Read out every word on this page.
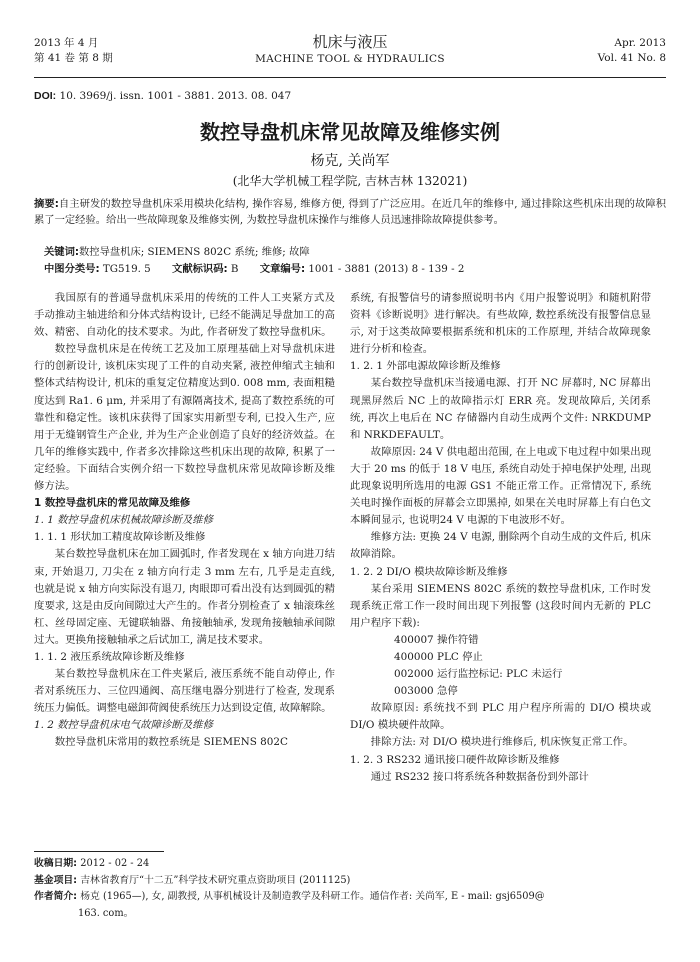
2013 年 4 月
第 41 卷 第 8 期
机床与液压
MACHINE TOOL & HYDRAULICS
Apr. 2013
Vol. 41 No. 8
DOI: 10. 3969/j. issn. 1001 - 3881. 2013. 08. 047
数控导盘机床常见故障及维修实例
杨克, 关尚军
(北华大学机械工程学院, 吉林吉林 132021)
摘要:自主研发的数控导盘机床采用模块化结构, 操作容易, 维修方便, 得到了广泛应用。在近几年的维修中, 通过排除这些机床出现的故障积累了一定经验。给出一些故障现象及维修实例, 为数控导盘机床操作与维修人员迅速排除故障提供参考。
关键词:数控导盘机床; SIEMENS 802C 系统; 维修; 故障
中图分类号: TG519. 5 文献标识码: B 文章编号: 1001 - 3881 (2013) 8 - 139 - 2

我国原有的普通导盘机床采用的传统的工件人工夹紧方式及手动推动主轴进给和分体式结构设计, 已经不能满足导盘加工的高效、精密、自动化的技术要求。为此, 作者研发了数控导盘机床。

数控导盘机床是在传统工艺及加工原理基础上对导盘机床进行的创新设计, 该机床实现了工件的自动夹紧, 液控伸缩式主轴和整体式结构设计, 机床的重复定位精度达到0. 008 mm, 表面粗糙度达到 Ra1. 6 μm, 并采用了有源隔离技术, 提高了数控系统的可靠性和稳定性。该机床获得了国家实用新型专利, 已投入生产, 应用于无缝钢管生产企业, 并为生产企业创造了良好的经济效益。在几年的维修实践中, 作者多次排除这些机床出现的故障, 积累了一定经验。下面结合实例介绍一下数控导盘机床常见故障诊断及维修方法。

1 数控导盘机床的常见故障及维修

1. 1 数控导盘机床机械故障诊断及维修

1. 1. 1 形状加工精度故障诊断及维修

某台数控导盘机床在加工圆弧时, 作者发现在 x 轴方向进刀结束, 开始退刀, 刀尖在 z 轴方向行走 3 mm 左右, 几乎是走直线, 也就是说 x 轴方向实际没有退刀, 肉眼即可看出没有达到圆弧的精度要求, 这是由反向间隙过大产生的。作者分别检查了 x 轴滚珠丝杠、丝母固定座、无键联轴器、角接触轴承, 发现角接触轴承间隙过大。更换角接触轴承之后试加工, 满足技术要求。

1. 1. 2 液压系统故障诊断及维修

某台数控导盘机床在工件夹紧后, 液压系统不能自动停止, 作者对系统压力、三位四通阀、高压继电器分别进行了检查, 发现系统压力偏低。调整电磁卸荷阀使系统压力达到设定值, 故障解除。

1. 2 数控导盘机床电气故障诊断及维修

数控导盘机床常用的数控系统是 SIEMENS 802C

系统, 有报警信号的请参照说明书内《用户报警说明》和随机附带资料《诊断说明》进行解决。有些故障, 数控系统没有报警信息显示, 对于这类故障要根据系统和机床的工作原理, 并结合故障现象进行分析和检查。

1. 2. 1 外部电源故障诊断及维修

某台数控导盘机床当接通电源、打开 NC 屏幕时, NC 屏幕出现黑屏然后 NC 上的故障指示灯 ERR 亮。发现故障后, 关闭系统, 再次上电后在 NC 存储器内自动生成两个文件: NRKDUMP 和 NRKDEFAULT。

故障原因: 24 V 供电超出范围, 在上电或下电过程中如果出现大于 20 ms 的低于 18 V 电压, 系统自动处于掉电保护处理, 出现此现象说明所选用的电源 GS1 不能正常工作。正常情况下, 系统关电时操作面板的屏幕会立即黑掉, 如果在关电时屏幕上有白色文本瞬间显示, 也说明24 V 电源的下电波形不好。

维修方法: 更换 24 V 电源, 删除两个自动生成的文件后, 机床故障消除。

1. 2. 2 DI/O 模块故障诊断及维修

某台采用 SIEMENS 802C 系统的数控导盘机床, 工作时发现系统正常工作一段时间出现下列报警 (这段时间内无新的 PLC 用户程序下载):

400007 操作符错

400000 PLC 停止

002000 运行监控标记: PLC 未运行

003000 急停

故障原因: 系统找不到 PLC 用户程序所需的 DI/O 模块或 DI/O 模块硬件故障。

排除方法: 对 DI/O 模块进行维修后, 机床恢复正常工作。

1. 2. 3 RS232 通讯接口硬件故障诊断及维修

通过 RS232 接口将系统各种数据备份到外部计

收稿日期: 2012 - 02 - 24
基金项目: 吉林省教育厅“十二五”科学技术研究重点资助项目 (2011125)
作者简介: 杨克 (1965—), 女, 副教授, 从事机械设计及制造教学及科研工作。通信作者: 关尚军, E - mail: gsj6509@
163. com。
